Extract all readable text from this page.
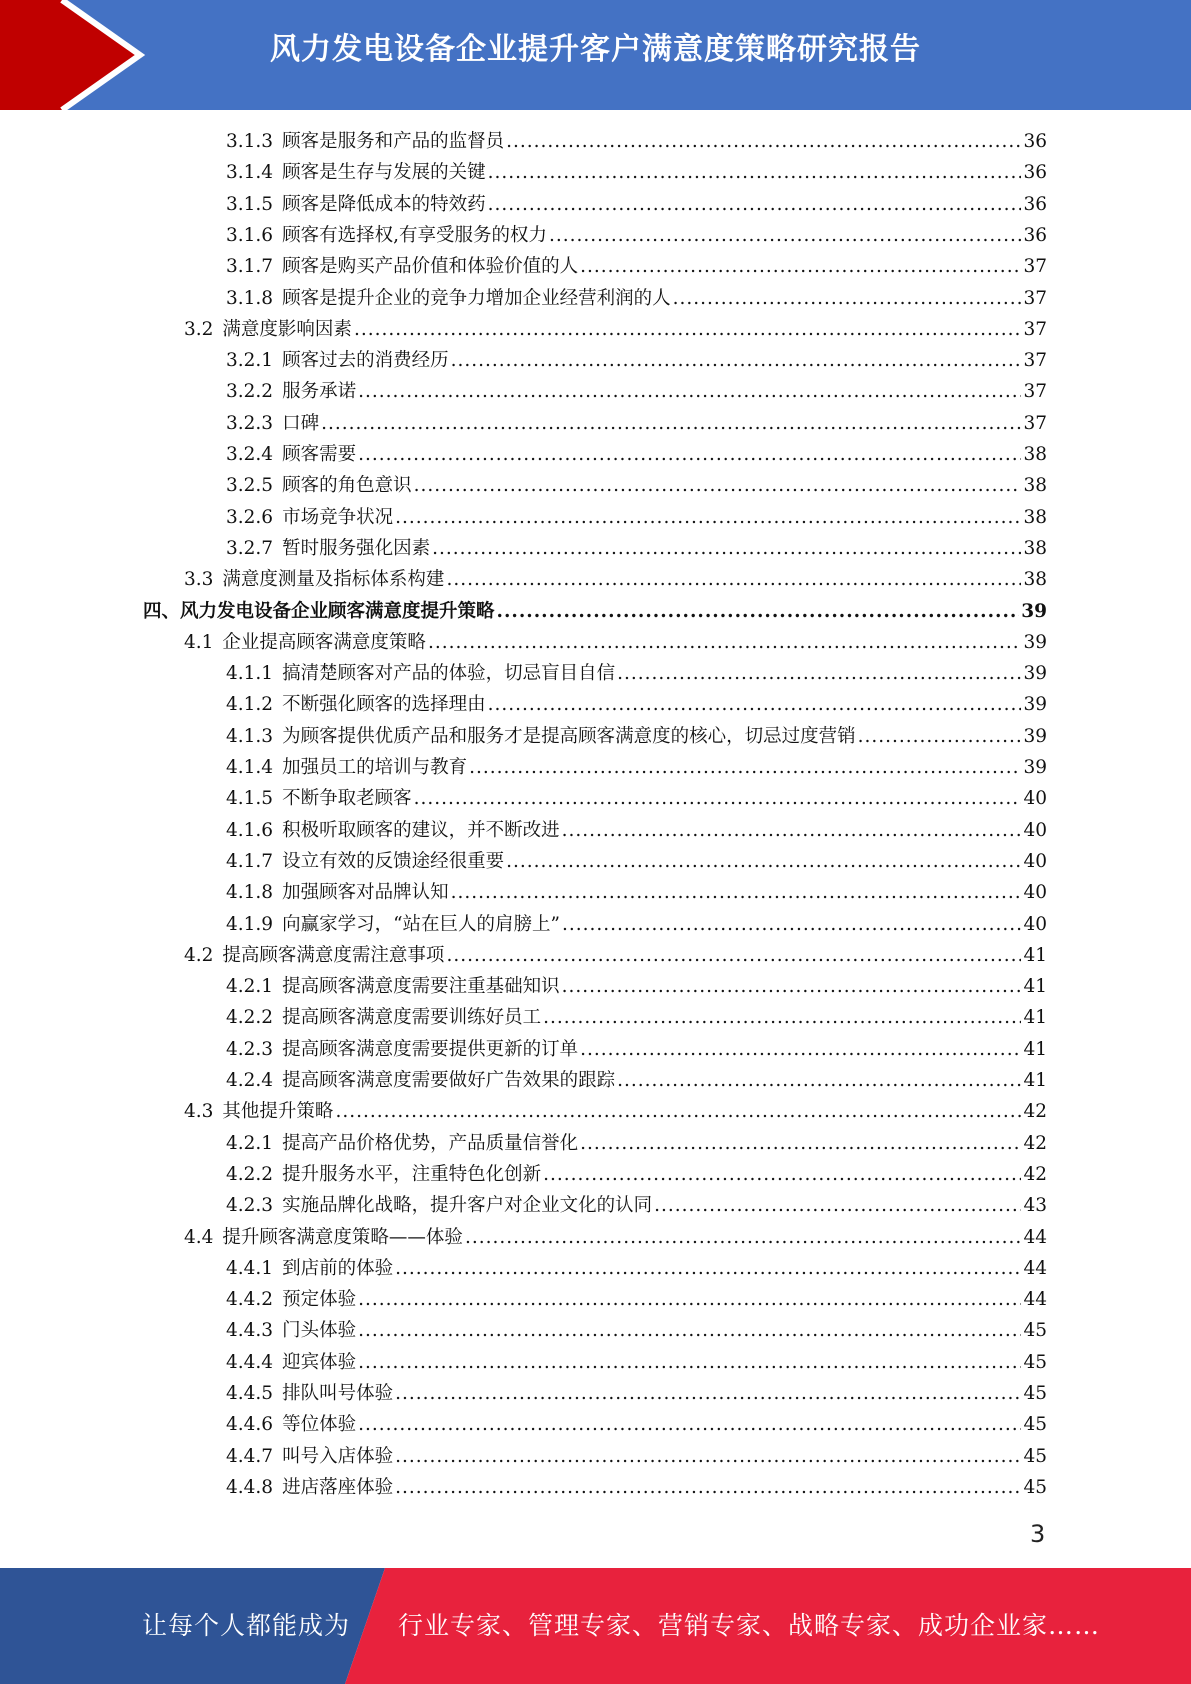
风力发电设备企业提升客户满意度策略研究报告
3.1.3 顾客是服务和产品的监督员 .....	36
3.1.4 顾客是生存与发展的关键 .....	36
3.1.5 顾客是降低成本的特效药 .....	36
3.1.6 顾客有选择权,有享受服务的权力 .....	36
3.1.7 顾客是购买产品价值和体验价值的人 .....	37
3.1.8 顾客是提升企业的竞争力增加企业经营利润的人 .....	37
3.2 满意度影响因素 .....	37
3.2.1 顾客过去的消费经历 .....	37
3.2.2 服务承诺 .....	37
3.2.3 口碑 .....	37
3.2.4 顾客需要 .....	38
3.2.5 顾客的角色意识 .....	38
3.2.6 市场竞争状况 .....	38
3.2.7 暂时服务强化因素 .....	38
3.3 满意度测量及指标体系构建 .....	38
四、风力发电设备企业顾客满意度提升策略 .....	39
4.1 企业提高顾客满意度策略 .....	39
4.1.1 搞清楚顾客对产品的体验，切忌盲目自信 .....	39
4.1.2 不断强化顾客的选择理由 .....	39
4.1.3 为顾客提供优质产品和服务才是提高顾客满意度的核心，切忌过度营销 .....	39
4.1.4 加强员工的培训与教育 .....	39
4.1.5 不断争取老顾客 .....	40
4.1.6 积极听取顾客的建议，并不断改进 .....	40
4.1.7 设立有效的反馈途经很重要 .....	40
4.1.8 加强顾客对品牌认知 .....	40
4.1.9 向赢家学习，“站在巨人的肩膀上” .....	40
4.2 提高顾客满意度需注意事项 .....	41
4.2.1 提高顾客满意度需要注重基础知识 .....	41
4.2.2 提高顾客满意度需要训练好员工 .....	41
4.2.3 提高顾客满意度需要提供更新的订单 .....	41
4.2.4 提高顾客满意度需要做好广告效果的跟踪 .....	41
4.3 其他提升策略 .....	42
4.2.1 提高产品价格优势，产品质量信誉化 .....	42
4.2.2 提升服务水平，注重特色化创新 .....	42
4.2.3 实施品牌化战略，提升客户对企业文化的认同 .....	43
4.4 提升顾客满意度策略——体验 .....	44
4.4.1 到店前的体验 .....	44
4.4.2 预定体验 .....	44
4.4.3 门头体验 .....	45
4.4.4 迎宾体验 .....	45
4.4.5 排队叫号体验 .....	45
4.4.6 等位体验 .....	45
4.4.7 叫号入店体验 .....	45
4.4.8 进店落座体验 .....	45
3
让每个人都能成为 行业专家、管理专家、营销专家、战略专家、成功企业家……
